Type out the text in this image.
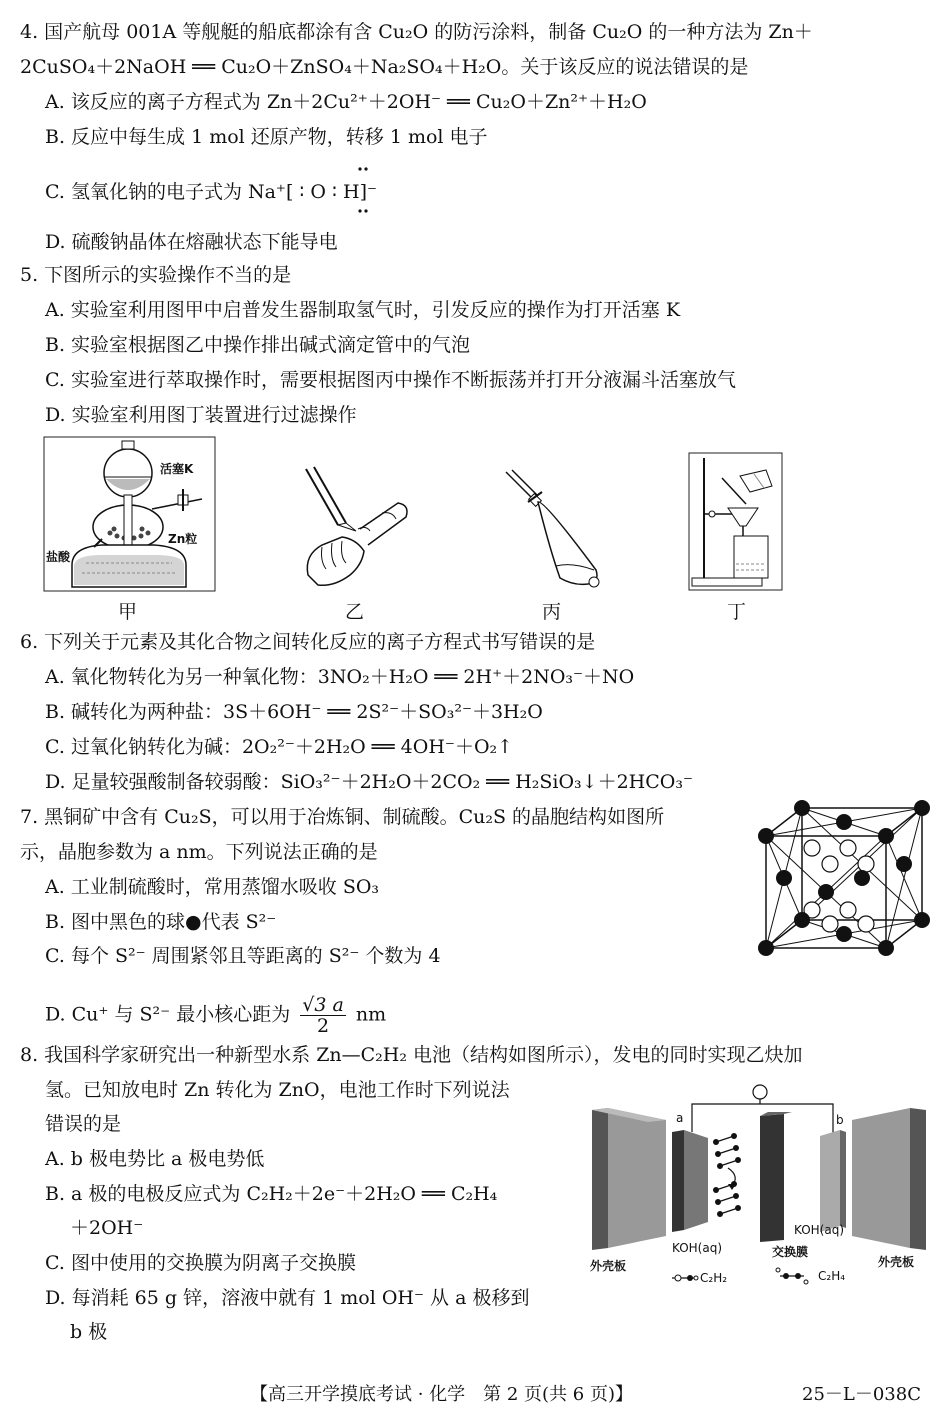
4. 国产航母 001A 等舰艇的船底都涂有含 Cu₂O 的防污涂料，制备 Cu₂O 的一种方法为 Zn＋
2CuSO₄＋2NaOH ══ Cu₂O＋ZnSO₄＋Na₂SO₄＋H₂O。关于该反应的说法错误的是
A. 该反应的离子方程式为 Zn＋2Cu²⁺＋2OH⁻ ══ Cu₂O＋Zn²⁺＋H₂O
B. 反应中每生成 1 mol 还原产物，转移 1 mol 电子
C. 氢氧化钠的电子式为 Na⁺[ ∶ O ∶ H]⁻
D. 硫酸钠晶体在熔融状态下能导电
5. 下图所示的实验操作不当的是
A. 实验室利用图甲中启普发生器制取氢气时，引发反应的操作为打开活塞 K
B. 实验室根据图乙中操作排出碱式滴定管中的气泡
C. 实验室进行萃取操作时，需要根据图丙中操作不断振荡并打开分液漏斗活塞放气
D. 实验室利用图丁装置进行过滤操作
活塞K
Zn粒
盐酸
甲	乙	丙	丁
6. 下列关于元素及其化合物之间转化反应的离子方程式书写错误的是
A. 氧化物转化为另一种氧化物：3NO₂＋H₂O ══ 2H⁺＋2NO₃⁻＋NO
B. 碱转化为两种盐：3S＋6OH⁻ ══ 2S²⁻＋SO₃²⁻＋3H₂O
C. 过氧化钠转化为碱：2O₂²⁻＋2H₂O ══ 4OH⁻＋O₂↑
D. 足量较强酸制备较弱酸：SiO₃²⁻＋2H₂O＋2CO₂ ══ H₂SiO₃↓＋2HCO₃⁻
7. 黑铜矿中含有 Cu₂S，可以用于冶炼铜、制硫酸。Cu₂S 的晶胞结构如图所
示，晶胞参数为 a nm。下列说法正确的是
A. 工业制硫酸时，常用蒸馏水吸收 SO₃
B. 图中黑色的球●代表 S²⁻
C. 每个 S²⁻ 周围紧邻且等距离的 S²⁻ 个数为 4
D. Cu⁺ 与 S²⁻ 最小核心距为 $\frac{√3 a}{2}$ nm
8. 我国科学家研究出一种新型水系 Zn—C₂H₂ 电池（结构如图所示），发电的同时实现乙炔加
氢。已知放电时 Zn 转化为 ZnO，电池工作时下列说法
错误的是
A. b 极电势比 a 极电势低
B. a 极的电极反应式为 C₂H₂＋2e⁻＋2H₂O ══ C₂H₄
＋2OH⁻
C. 图中使用的交换膜为阴离子交换膜
D. 每消耗 65 g 锌，溶液中就有 1 mol OH⁻ 从 a 极移到
b 极
a	b
KOH(aq)
KOH(aq)
外壳板
交换膜
外壳板
C₂H₂	C₂H₄
【高三开学摸底考试 · 化学　第 2 页(共 6 页)】	25－L－038C
